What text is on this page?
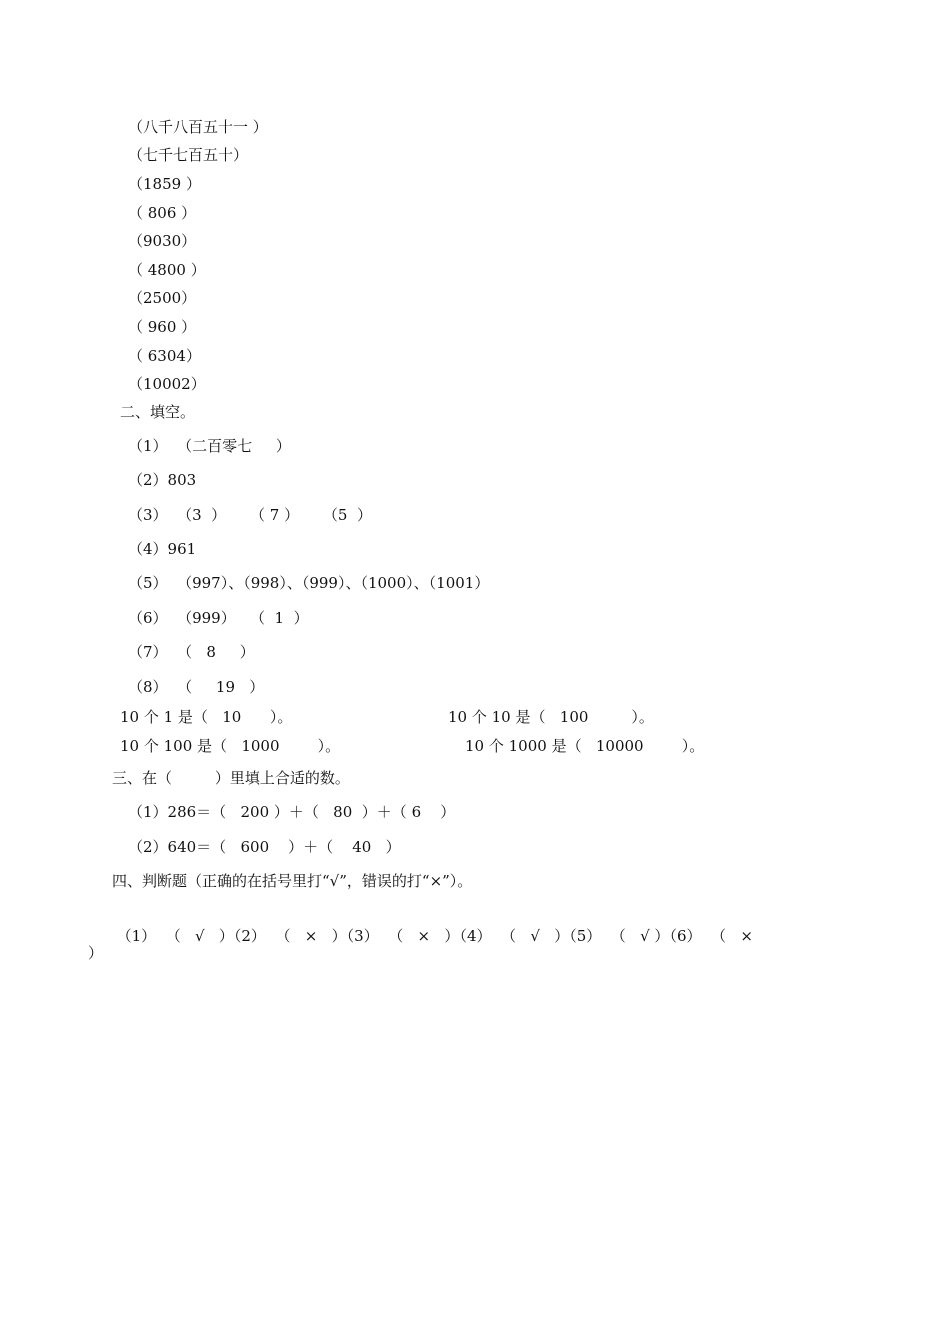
（八千八百五十一 ）
（七千七百五十）
（1859 ）
（ 806 ）
（9030）
（ 4800 ）
（2500）
（ 960 ）
（ 6304）
（10002）
二、填空。
（1）  （二百零七     ）
（2）803
（3）  （3  ）     （ 7 ）     （5  ）
（4）961
（5）  （997）、（998）、（999）、（1000）、（1001）
（6）  （999）   （  1  ）
（7）  （   8     ）
（8）  （     19   ）
10 个 1 是（   10      ）。	10 个 10 是（   100         ）。
10 个 100 是（   1000        ）。	10 个 1000 是（   10000        ）。
三、在（         ）里填上合适的数。
（1）286＝（   200 ）＋（   80  ）＋（ 6    ）
（2）640＝（   600    ）＋（    40   ）
四、判断题（正确的在括号里打“√”，错误的打“×”）。

（1）  （   √   ）（2）  （   ×   ）（3）  （   ×   ）（4）  （   √   ）（5）  （   √ ）（6）  （   ×

）
